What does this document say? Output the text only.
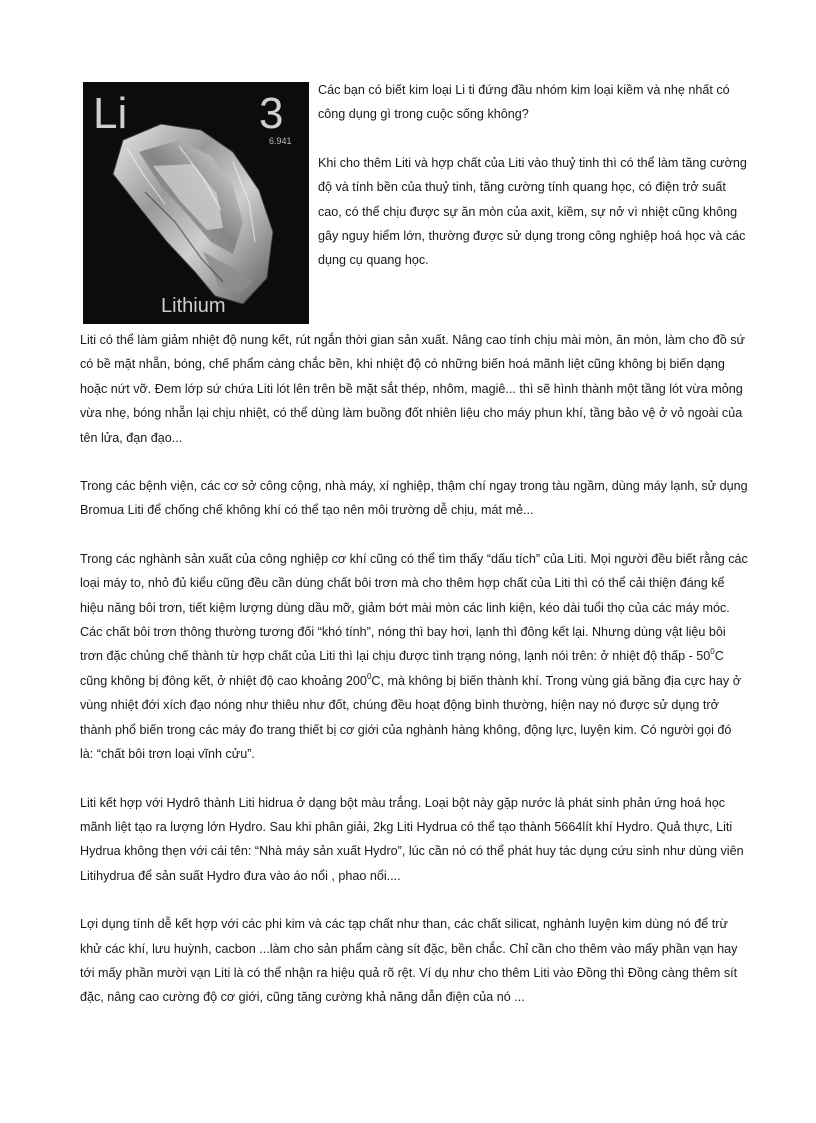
Li	3
6.941
Lithium

Các bạn có biết kim loại Li ti đứng đầu nhóm kim loại kiềm và nhẹ nhất có công dụng gì trong cuộc sống không?

Khi cho thêm Liti và hợp chất của Liti vào thuỷ tinh thì có thể làm tăng cường độ và tính bền của thuỷ tinh, tăng cường tính quang học, có điện trở suất cao, có thể chịu được sự ăn mòn của axit, kiềm, sự nở vì nhiệt cũng không gây nguy hiểm lớn, thường được sử dụng trong công nghiệp hoá học và các dụng cụ quang học.

Liti có thể làm giảm nhiệt độ nung kết, rút ngắn thời gian sản xuất. Nâng cao tính chịu mài mòn, ăn mòn, làm cho đồ sứ có bề mặt nhẵn, bóng, chế phẩm càng chắc bền, khi nhiệt độ có những biến hoá mãnh liệt cũng không bị biến dạng hoặc nứt vỡ. Đem lớp sứ chứa Liti lót lên trên bề mặt sắt thép, nhôm, magiê... thì sẽ hình thành một tầng lót vừa mỏng vừa nhẹ, bóng nhẵn lại chịu nhiệt, có thể dùng làm buồng đốt nhiên liệu cho máy phun khí, tầng bảo vệ ở vỏ ngoài của tên lửa, đạn đạo...

Trong các bệnh viện, các cơ sở công cộng, nhà máy, xí nghiệp, thậm chí ngay trong tàu ngầm, dùng máy lạnh, sử dụng Bromua Liti để chống chế không khí có thể tạo nên môi trường dễ chịu, mát mẻ...

Trong các nghành sản xuất của công nghiệp cơ khí cũng có thể tìm thấy “dấu tích” của Liti. Mọi người đều biết rằng các loại máy to, nhỏ đủ kiểu cũng đều cần dùng chất bôi trơn mà cho thêm hợp chất của Liti thì có thể cải thiện đáng kể hiệu năng bôi trơn, tiết kiệm lượng dùng dầu mỡ, giảm bớt mài mòn các linh kiện, kéo dài tuổi thọ của các máy móc. Các chất bôi trơn thông thường tương đối “khó tính”, nóng thì bay hơi, lạnh thì đông kết lại. Nhưng dùng vật liệu bôi trơn đặc chủng chế thành từ hợp chất của Liti thì lại chịu được tình trạng nóng, lạnh nói trên: ở nhiệt độ thấp - $50^0C$ cũng không bị đông kết, ở nhiệt độ cao khoảng $200^0C$, mà không bị biến thành khí. Trong vùng giá băng địa cực hay ở vùng nhiệt đới xích đạo nóng như thiêu như đốt, chúng đều hoạt động bình thường, hiện nay nó được sử dụng trở thành phổ biến trong các máy đo trang thiết bị cơ giới của nghành hàng không, động lực, luyện kim. Có người gọi đó là: “chất bôi trơn loại vĩnh cửu”.

Liti kết hợp với Hydrô thành Liti hidrua ở dạng bột màu trắng. Loại bột này gặp nước là phát sinh phản ứng hoá học mãnh liệt tạo ra lượng lớn Hydro. Sau khi phân giải, 2kg Liti Hydrua có thể tạo thành 5664lít khí Hydro. Quả thực, Liti Hydrua không thẹn với cái tên: “Nhà máy sản xuất Hydro”, lúc cần nó có thể phát huy tác dụng cứu sinh như dùng viên Litihydrua để sản suất Hydro đưa vào áo nổi , phao nổi....

Lợi dụng tính dễ kết hợp với các phi kim và các tạp chất như than, các chất silicat, nghành luyện kim dùng nó để trừ khử các khí, lưu huỳnh, cacbon ...làm cho sản phẩm càng sít đặc, bền chắc. Chỉ cần cho thêm vào mấy phần vạn hay tới mấy phần mười vạn Liti là có thể nhận ra hiệu quả rõ rệt. Ví dụ như cho thêm Liti vào Đồng thì Đồng càng thêm sít đặc, nâng cao cường độ cơ giới, cũng tăng cường khả năng dẫn điện của nó ...
